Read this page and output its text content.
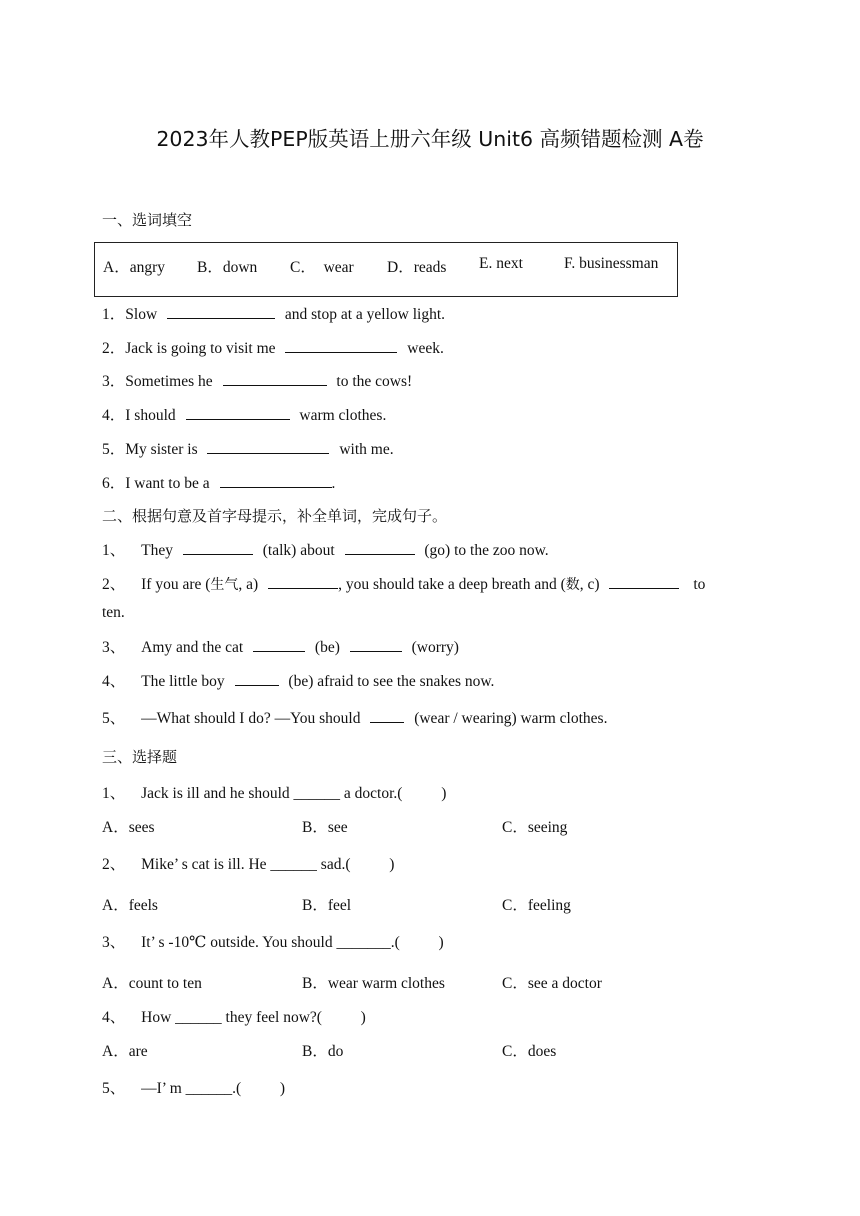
2023年人教PEP版英语上册六年级 Unit6 高频错题检测 A卷
一、选词填空
A．angry B．down C．  wear D．reads E. next	F. businessman
1．Slow	and stop at a yellow light.
2．Jack is going to visit me	week.
3．Sometimes he	to the cows!
4．I should	warm clothes.
5．My sister is	with me.
6．I want to be a	.
二、根据句意及首字母提示，补全单词，完成句子。
1、 They	(talk) about	(go) to the zoo now.
2、 If you are (生气, a)	, you should take a deep breath and (数, c)	to
ten.
3、 Amy and the cat	(be)	(worry)
4、 The little boy	(be) afraid to see the snakes now.
5、 —What should I do? —You should	(wear / wearing) warm clothes.
三、选择题
1、 Jack is ill and he should ______ a doctor.(          )
A．sees	B．see	C．seeing
2、 Mike’ s cat is ill. He ______ sad.(          )
A．feels	B．feel	C．feeling
3、 It’ s -10℃ outside. You should _______.(          )
A．count to ten	B．wear warm clothes	C．see a doctor
4、 How ______ they feel now?(          )
A．are	B．do	C．does
5、 —I’ m ______.(          )
